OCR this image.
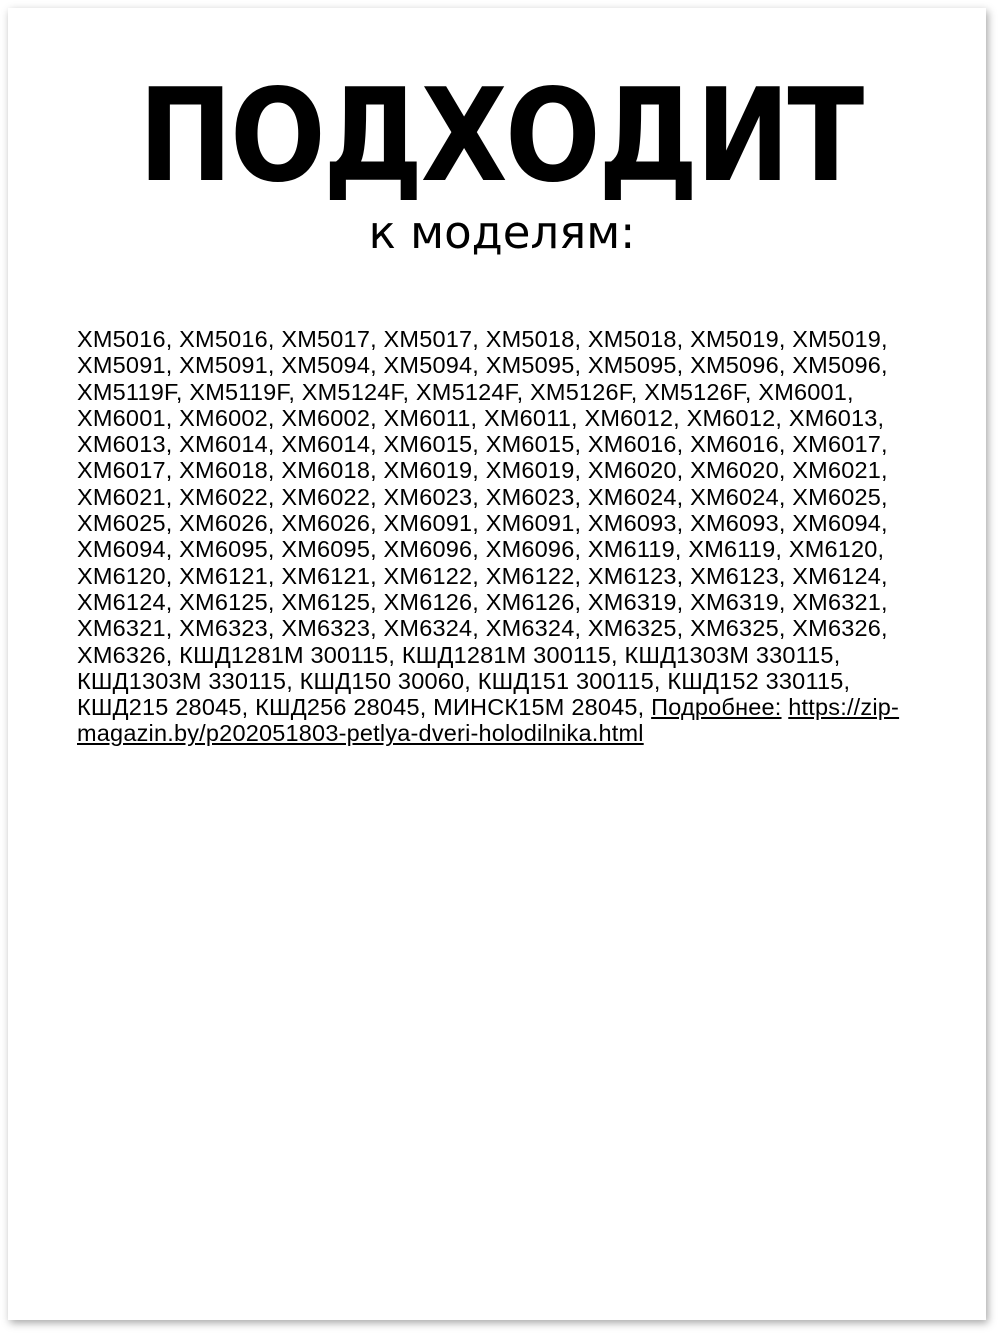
ПОДХОДИТ
к моделям:

ХМ5016, ХМ5016, ХМ5017, ХМ5017, ХМ5018, ХМ5018, ХМ5019, ХМ5019, ХМ5091, ХМ5091, ХМ5094, ХМ5094, ХМ5095, ХМ5095, ХМ5096, ХМ5096, ХМ5119F, ХМ5119F, ХМ5124F, ХМ5124F, ХМ5126F, ХМ5126F, ХМ6001, ХМ6001, ХМ6002, ХМ6002, ХМ6011, ХМ6011, ХМ6012, ХМ6012, ХМ6013, ХМ6013, ХМ6014, ХМ6014, ХМ6015, ХМ6015, ХМ6016, ХМ6016, ХМ6017, ХМ6017, ХМ6018, ХМ6018, ХМ6019, ХМ6019, ХМ6020, ХМ6020, ХМ6021, ХМ6021, ХМ6022, ХМ6022, ХМ6023, ХМ6023, ХМ6024, ХМ6024, ХМ6025, ХМ6025, ХМ6026, ХМ6026, ХМ6091, ХМ6091, ХМ6093, ХМ6093, ХМ6094, ХМ6094, ХМ6095, ХМ6095, ХМ6096, ХМ6096, ХМ6119, ХМ6119, ХМ6120, ХМ6120, ХМ6121, ХМ6121, ХМ6122, ХМ6122, ХМ6123, ХМ6123, ХМ6124, ХМ6124, ХМ6125, ХМ6125, ХМ6126, ХМ6126, ХМ6319, ХМ6319, ХМ6321, ХМ6321, ХМ6323, ХМ6323, ХМ6324, ХМ6324, ХМ6325, ХМ6325, ХМ6326, ХМ6326, КШД1281М 300115, КШД1281М 300115, КШД1303М 330115, КШД1303М 330115, КШД150 30060, КШД151 300115, КШД152 330115, КШД215 28045, КШД256 28045, МИНСК15М 28045, Подробнее: https://zip-magazin.by/p202051803-petlya-dveri-holodilnika.html
